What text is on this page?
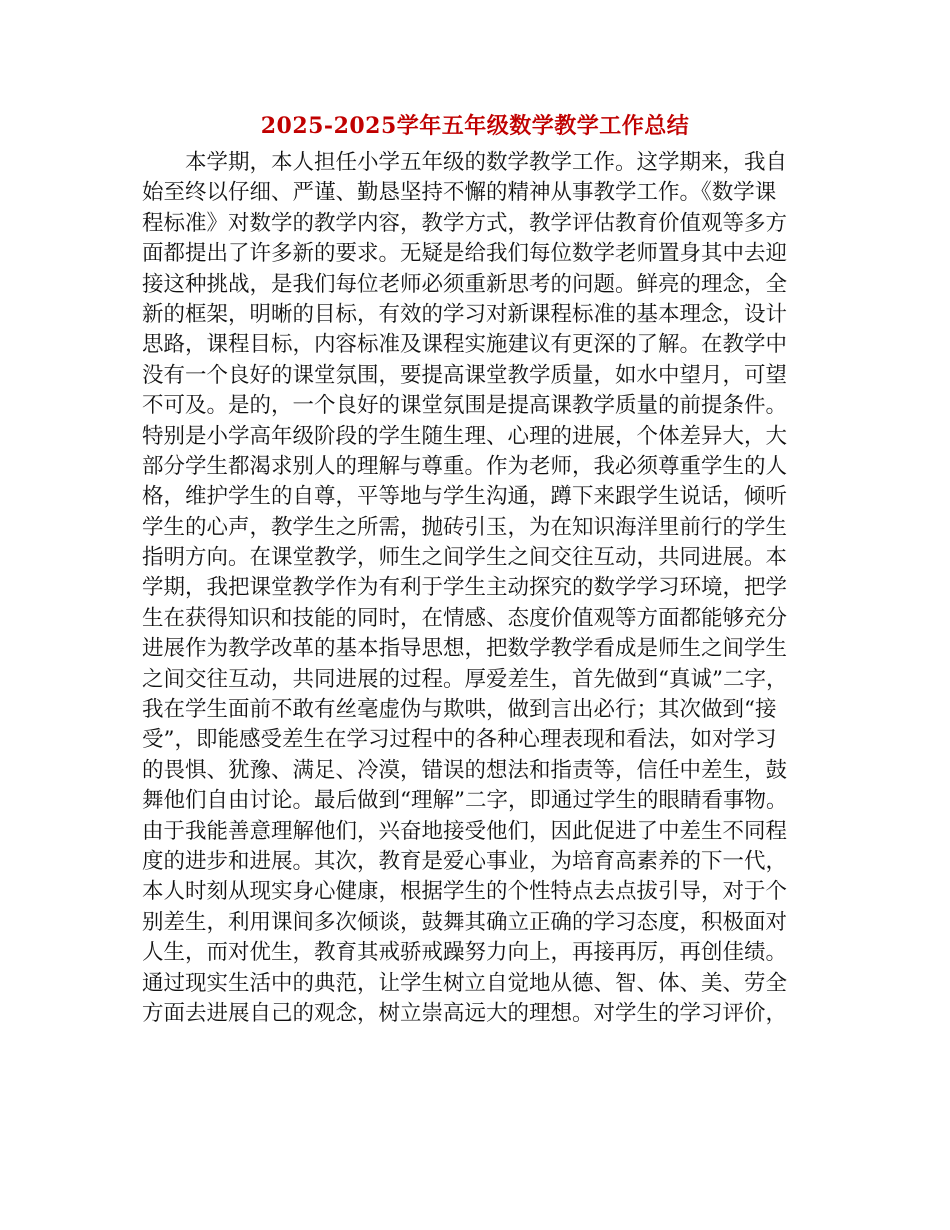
2025-2025学年五年级数学教学工作总结
本学期，本人担任小学五年级的数学教学工作。这学期来，我自
始至终以仔细、严谨、勤恳坚持不懈的精神从事教学工作。《数学课
程标准》对数学的教学内容，教学方式，教学评估教育价值观等多方
面都提出了许多新的要求。无疑是给我们每位数学老师置身其中去迎
接这种挑战，是我们每位老师必须重新思考的问题。鲜亮的理念，全
新的框架，明晰的目标，有效的学习对新课程标准的基本理念，设计
思路，课程目标，内容标准及课程实施建议有更深的了解。在教学中
没有一个良好的课堂氛围，要提高课堂教学质量，如水中望月，可望
不可及。是的，一个良好的课堂氛围是提高课教学质量的前提条件。
特别是小学高年级阶段的学生随生理、心理的进展，个体差异大，大
部分学生都渴求别人的理解与尊重。作为老师，我必须尊重学生的人
格，维护学生的自尊，平等地与学生沟通，蹲下来跟学生说话，倾听
学生的心声，教学生之所需，抛砖引玉，为在知识海洋里前行的学生
指明方向。在课堂教学，师生之间学生之间交往互动，共同进展。本
学期，我把课堂教学作为有利于学生主动探究的数学学习环境，把学
生在获得知识和技能的同时，在情感、态度价值观等方面都能够充分
进展作为教学改革的基本指导思想，把数学教学看成是师生之间学生
之间交往互动，共同进展的过程。厚爱差生，首先做到“真诚”二字，
我在学生面前不敢有丝毫虚伪与欺哄，做到言出必行；其次做到“接
受”，即能感受差生在学习过程中的各种心理表现和看法，如对学习
的畏惧、犹豫、满足、冷漠，错误的想法和指责等，信任中差生，鼓
舞他们自由讨论。最后做到“理解”二字，即通过学生的眼睛看事物。
由于我能善意理解他们，兴奋地接受他们，因此促进了中差生不同程
度的进步和进展。其次，教育是爱心事业，为培育高素养的下一代，
本人时刻从现实身心健康，根据学生的个性特点去点拔引导，对于个
别差生，利用课间多次倾谈，鼓舞其确立正确的学习态度，积极面对
人生，而对优生，教育其戒骄戒躁努力向上，再接再厉，再创佳绩。
通过现实生活中的典范，让学生树立自觉地从德、智、体、美、劳全
方面去进展自己的观念，树立崇高远大的理想。对学生的学习评价，
